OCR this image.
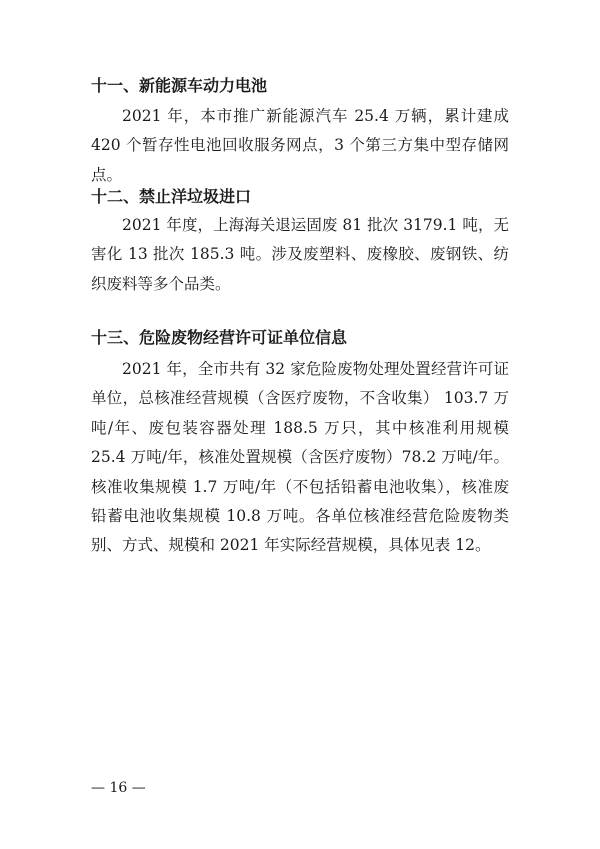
十一、新能源车动力电池

2021 年，本市推广新能源汽车 25.4 万辆，累计建成 420 个暂存性电池回收服务网点，3 个第三方集中型存储网点。

十二、禁止洋垃圾进口

2021 年度，上海海关退运固废 81 批次 3179.1 吨，无害化 13 批次 185.3 吨。涉及废塑料、废橡胶、废钢铁、纺织废料等多个品类。

十三、危险废物经营许可证单位信息

2021 年，全市共有 32 家危险废物处理处置经营许可证单位，总核准经营规模（含医疗废物，不含收集） 103.7 万吨/年、废包装容器处理 188.5 万只，其中核准利用规模 25.4 万吨/年，核准处置规模（含医疗废物）78.2 万吨/年。核准收集规模 1.7 万吨/年（不包括铅蓄电池收集），核准废铅蓄电池收集规模 10.8 万吨。各单位核准经营危险废物类别、方式、规模和 2021 年实际经营规模，具体见表 12。

— 16 —
